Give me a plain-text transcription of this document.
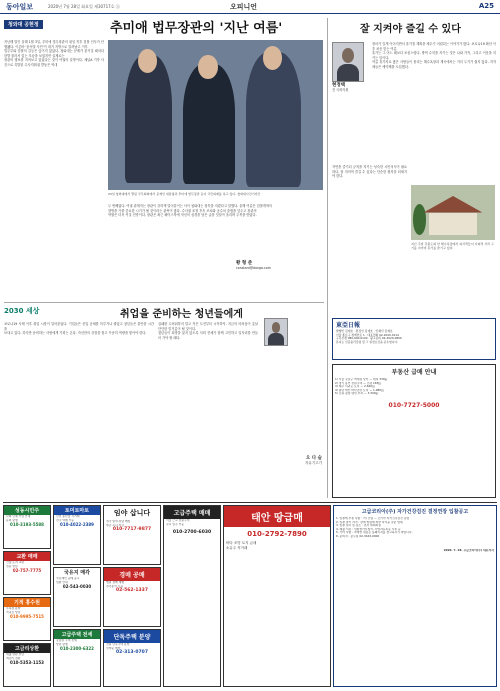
동아일보	2020년 7월 28일 화요일 제30717호 ⓐ	오피니언	A25
청와대 공현정	추미애 법무장관의 '지난 여름'
지난해 말인 올해 1월 3일, 추미애 법무장관의 취임 직후 검찰 인사가 단행됐다. 이른바 '윤석열 사단'이 대거 지방으로 밀려났고 이후
법무부와 검찰의 갈등은 끊이지 않았다. 청와대는 문제가 불거질 때마다 한발 물러서 있는 모습을 보였지만 실제로는
장관의 행보를 지켜보고 있었다는 것이 여권의 설명이다. 채널A 기자 사건으로 촉발된 수사지휘권 발동은 역대
23일 청와대에서 열린 국무회의에서 문재인 대통령과 추미애 법무장관 등이 국민의례를 하고 있다. 청와대사진기자단
두 번째였다. 여권 관계자는 장관이 강하게 밀어붙이는 사이 청와대는 침묵을 지켰다고 말했다. 올해 여름은 검찰개혁의
향방을 가를 중요한 시기가 될 것이라는 관측이 많다. 수사권 조정 후속 조치와 공수처 출범을 앞두고 장관의
역할은 더욱 커질 전망이다. 장관은 최근 페이스북에 자신의 심경을 담은 글을 잇달아 올리며 주목을 받았다.
잘 지켜야 즐길 수 있다
현정택
전 국회의원
장마가 길게 이어지면서 휴가철 계획을 세우기 어렵다는 이야기가 많다. 코로나19 확산 이후 처음 맞는 여름
휴가는 그 어느 때보다 조심스럽다. 방역 수칙을 지키는 것은 나와 가족, 그리고 이웃을 지키는 일이다.
여름 휴가지로 많은 사람들이 몰리는 해수욕장과 계곡에서는 거리 두기가 쉽지 않다. 지자체들은 예약제를 도입했다.
지난 주말 강원도의 한 해수욕장에서 피서객들이 사회적 거리 두기를 지키며 휴가를 즐기고 있다.
자연을 즐기되 규칙을 지키는 성숙한 시민의식이 필요하다. 잘 지켜야 즐길 수 있다는 단순한 원칙을 되새겨야 한다.
東亞日報
발행인 김재호 · 편집인 김재호 · 인쇄인 김재호
서울 종로구 청계천로 1 · 대표전화 02-2020-0114
구독신청 080-900-0100 · 광고문의 02-2020-0800
본지는 신문윤리강령 및 그 실천요강을 준수합니다.
부동산 급매 안내
1) 서울 강남구 역세권 상가 — 대지 330㎡
2) 경기 용인 전원주택 — 건평 165㎡
3) 제주 서귀포 토지 — 2,640㎡
4) 충남 태안 바다조망 토지 — 1,980㎡
5) 강원 평창 펜션 부지 — 3,300㎡
010-7727-5000
2030 세상	취업을 준비하는 청년들에게
코로나19 사태 이후 취업 시장이 얼어붙었다. 기업들은 신입 공채를 미루거나 줄였고 청년들은 불안한 시간을
보내고 있다. 하지만 준비하는 사람에게 기회는 온다. 자신만의 강점을 찾고 꾸준히 역량을 쌓아야 한다.
실패를 두려워하지 말고 작은 도전부터 시작하자. 지금의 어려움이 훗날 단단한 밑거름이 될 것이다.
청년들이 희망을 잃지 않도록 사회 전체가 함께 고민하고 일자리를 만들어 가야 할 때다.
황 형 준
constant@donga.com
오 다 슬
자유기고가
성동시민주
사회 단체 가입 안내
문의 환영
010-3193-5588
교환 매매
건물·토지 교환
전문 상담
02-757-7775
기적 홍수원
수목장 분양
가족묘 상담
010-9995-7515
고금리상환
대출 상환 상담
저금리 전환
010-5353-1153
토미토마토
신선 농산물 직거래
전국 택배 가능
010-4022-2389
국유지 매각
국유재산 공매 공고
입찰 안내
02-543-0030
고급주택 전세
강남권 주택 전세
상담 환영
010-2300-6322
임야 삽니다
전국 임야·전답 매입
현금 즉시 지급
010-7717-9877
경매 공매
법원 경매 대행
권리분석 무료
02-562-1337
단독주택 분양
전원 단독주택 분양
선착순 계약
02-313-0707
고급주택 매매
서울 근교 전원주택
즉시 입주 가능
010-2700-6030
태안 땅급매
010-2792-7890
바다 조망 토지 급매
소유주 직거래
고급코리아(주) 자가건강검진 결정연장 입찰공고
1. 입찰에 부칠 사항 : 가) 건명 — 코리아 자가건강검진 운영
2. 입찰 참가 자격 : 관계 법령에 의한 자격을 갖춘 업체
3. 입찰 일시 및 장소 : 본사 대회의실
4. 제출 서류 : 입찰참가신청서, 사업자등록증 사본 등
5. 기타 사항 : 자세한 내용은 홈페이지를 참고하시기 바랍니다.
6. 문의처 : 총무팀 02-3443-0000
2020. 7. 28. 고급코리아(주) 대표이사
